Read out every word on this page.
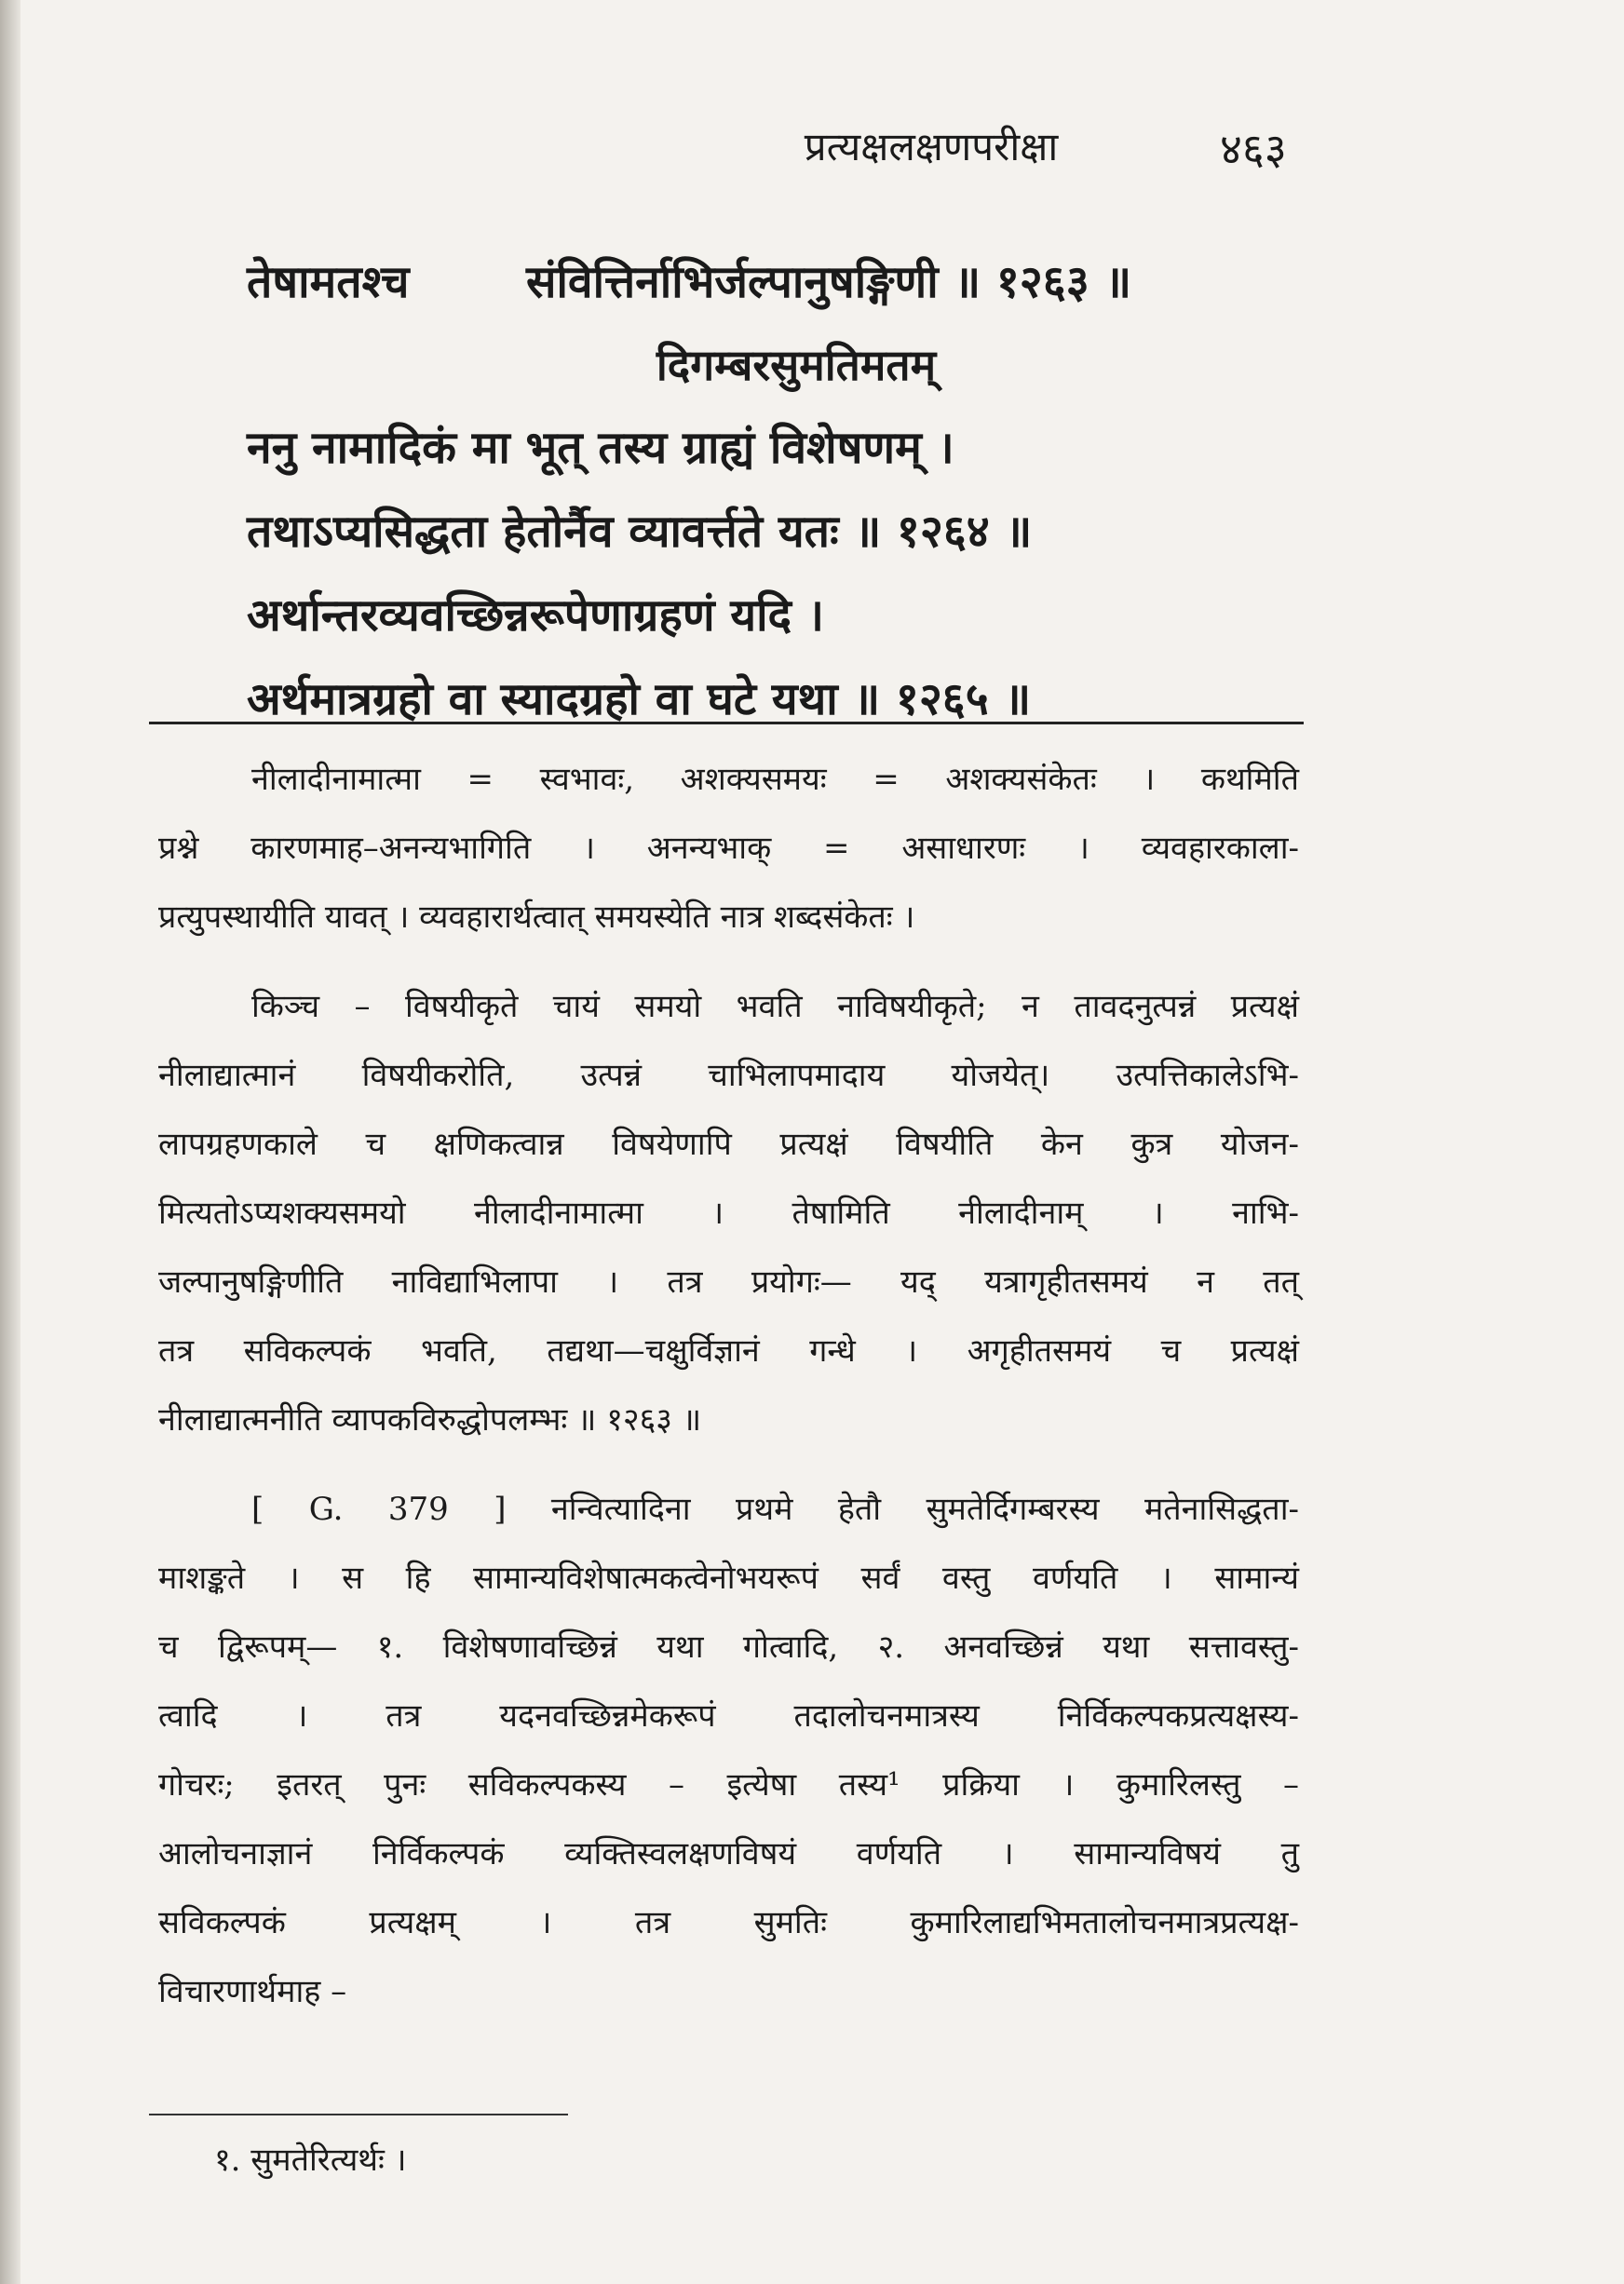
प्रत्यक्षलक्षणपरीक्षा	४६३
तेषामतश्च	संवित्तिर्नाभिर्जल्पानुषङ्गिणी ॥ १२६३ ॥
दिगम्बरसुमतिमतम्
ननु नामादिकं मा भूत् तस्य ग्राह्यं विशेषणम् ।
तथाऽप्यसिद्धता हेतोर्नैव व्यावर्त्तते यतः ॥ १२६४ ॥
अर्थान्तरव्यवच्छिन्नरूपेणाग्रहणं यदि ।
अर्थमात्रग्रहो वा स्यादग्रहो वा घटे यथा ॥ १२६५ ॥
नीलादीनामात्मा = स्वभावः, अशक्यसमयः = अशक्यसंकेतः । कथमिति
प्रश्ने कारणमाह–अनन्यभागिति । अनन्यभाक् = असाधारणः । व्यवहारकाला-
प्रत्युपस्थायीति यावत् । व्यवहारार्थत्वात् समयस्येति नात्र शब्दसंकेतः ।
किञ्च – विषयीकृते चायं समयो भवति नाविषयीकृते; न तावदनुत्पन्नं प्रत्यक्षं
नीलाद्यात्मानं विषयीकरोति, उत्पन्नं चाभिलापमादाय योजयेत्। उत्पत्तिकालेऽभि-
लापग्रहणकाले च क्षणिकत्वान्न विषयेणापि प्रत्यक्षं विषयीति केन कुत्र योजन-
मित्यतोऽप्यशक्यसमयो नीलादीनामात्मा । तेषामिति नीलादीनाम् । नाभि-
जल्पानुषङ्गिणीति नाविद्याभिलापा । तत्र प्रयोगः— यद् यत्रागृहीतसमयं न तत्
तत्र सविकल्पकं भवति, तद्यथा—चक्षुर्विज्ञानं गन्धे । अगृहीतसमयं च प्रत्यक्षं
नीलाद्यात्मनीति व्यापकविरुद्धोपलम्भः ॥ १२६३ ॥
[ G. 379 ] नन्वित्यादिना प्रथमे हेतौ सुमतेर्दिगम्बरस्य मतेनासिद्धता-
माशङ्कते । स हि सामान्यविशेषात्मकत्वेनोभयरूपं सर्वं वस्तु वर्णयति । सामान्यं
च द्विरूपम्— १. विशेषणावच्छिन्नं यथा गोत्वादि, २. अनवच्छिन्नं यथा सत्तावस्तु-
त्वादि । तत्र यदनवच्छिन्नमेकरूपं तदालोचनमात्रस्य निर्विकल्पकप्रत्यक्षस्य-
गोचरः; इतरत् पुनः सविकल्पकस्य – इत्येषा तस्य¹ प्रक्रिया । कुमारिलस्तु –
आलोचनाज्ञानं निर्विकल्पकं व्यक्तिस्वलक्षणविषयं वर्णयति । सामान्यविषयं तु
सविकल्पकं प्रत्यक्षम् । तत्र सुमतिः कुमारिलाद्यभिमतालोचनमात्रप्रत्यक्ष-
विचारणार्थमाह –
१. सुमतेरित्यर्थः ।
